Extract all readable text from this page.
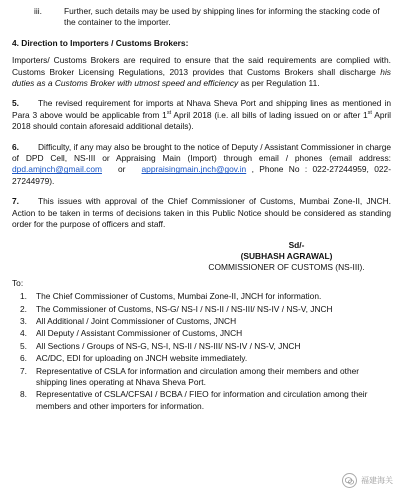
iii.	Further, such details may be used by shipping lines for informing the stacking code of the container to the importer.

4. Direction to Importers / Customs Brokers:

Importers/ Customs Brokers are required to ensure that the said requirements are complied with. Customs Broker Licensing Regulations, 2013 provides that Customs Brokers shall discharge his duties as a Customs Broker with utmost speed and efficiency as per Regulation 11.

5. The revised requirement for imports at Nhava Sheva Port and shipping lines as mentioned in Para 3 above would be applicable from 1st April 2018 (i.e. all bills of lading issued on or after 1st April 2018 should contain aforesaid additional details).

6. Difficulty, if any may also be brought to the notice of Deputy / Assistant Commissioner in charge of DPD Cell, NS-III or Appraising Main (Import) through email / phones (email address: dpd.amjnch@gmail.com   or   appraisingmain.jnch@gov.in , Phone No : 022-27244959, 022-27244979).

7. This issues with approval of the Chief Commissioner of Customs, Mumbai Zone-II, JNCH. Action to be taken in terms of decisions taken in this Public Notice should be considered as standing order for the purpose of officers and staff.

Sd/-
(SUBHASH AGRAWAL)
COMMISSIONER OF CUSTOMS (NS-III).

To:

1.	The Chief Commissioner of Customs, Mumbai Zone-II, JNCH for information.
2.	The Commissioner of Customs, NS-G/ NS-I / NS-II / NS-III/ NS-IV / NS-V, JNCH
3.	All Additional / Joint Commissioner of Customs, JNCH
4.	All Deputy / Assistant Commissioner of Customs, JNCH
5.	All Sections / Groups of NS-G, NS-I, NS-II / NS-III/ NS-IV / NS-V, JNCH
6.	AC/DC, EDI for uploading on JNCH website immediately.
7.	Representative of CSLA for information and circulation among their members and other shipping lines operating at Nhava Sheva Port.
8.	Representative of CSLA/CFSAI / BCBA / FIEO for information and circulation among their members and other importers for information.
福建海关
